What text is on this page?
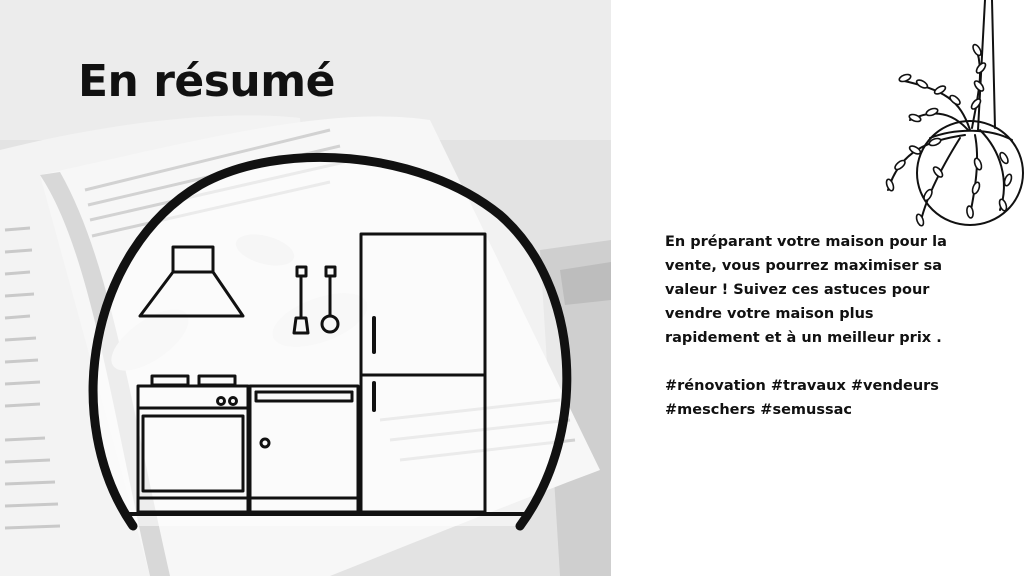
En résumé

En préparant votre maison pour la vente, vous pourrez maximiser sa valeur ! Suivez ces astuces pour vendre votre maison plus rapidement et à un meilleur prix .

#rénovation #travaux #vendeurs
#meschers #semussac
